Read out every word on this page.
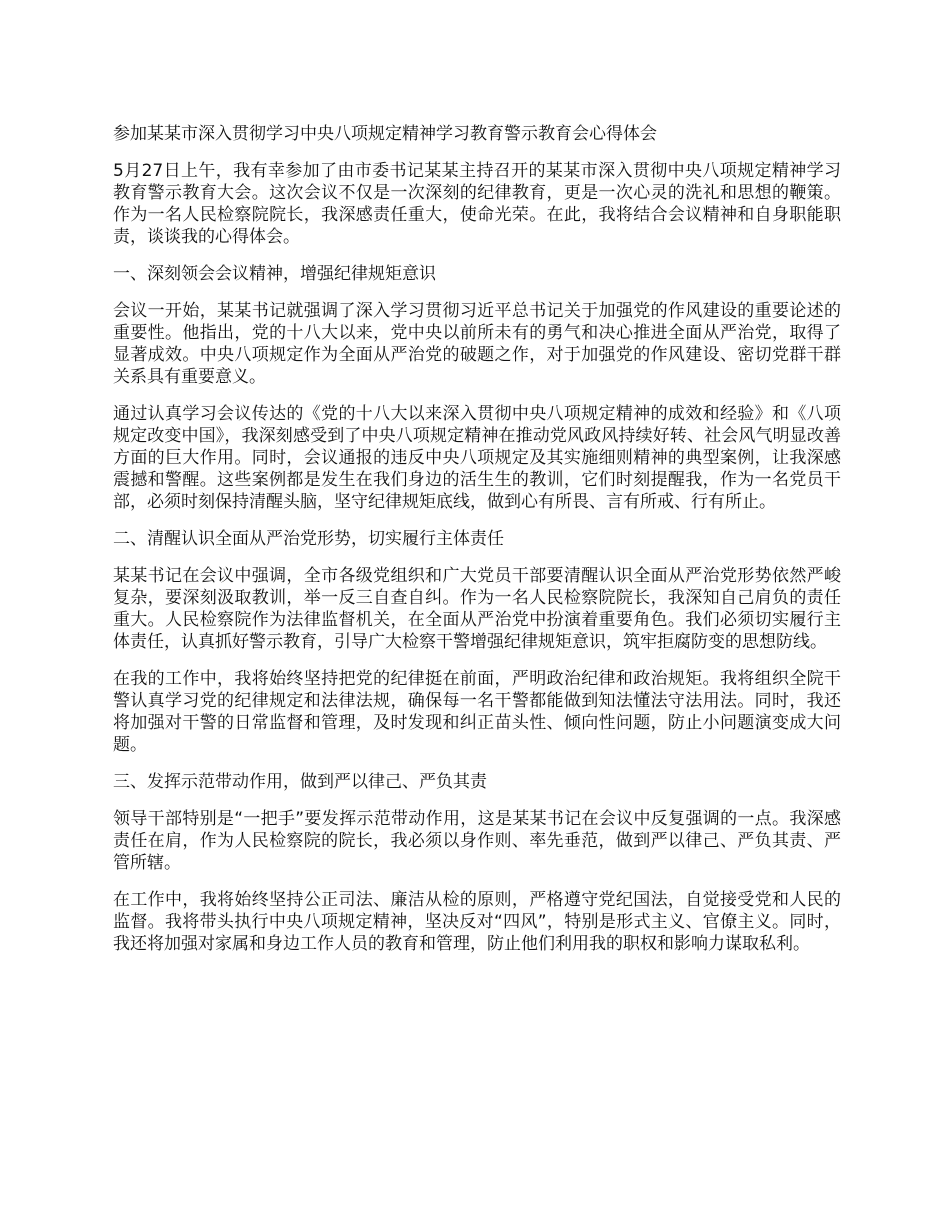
参加某某市深入贯彻学习中央八项规定精神学习教育警示教育会心得体会

5月27日上午，我有幸参加了由市委书记某某主持召开的某某市深入贯彻中央八项规定精神学习教育警示教育大会。这次会议不仅是一次深刻的纪律教育，更是一次心灵的洗礼和思想的鞭策。作为一名人民检察院院长，我深感责任重大，使命光荣。在此，我将结合会议精神和自身职能职责，谈谈我的心得体会。

一、深刻领会会议精神，增强纪律规矩意识

会议一开始，某某书记就强调了深入学习贯彻习近平总书记关于加强党的作风建设的重要论述的重要性。他指出，党的十八大以来，党中央以前所未有的勇气和决心推进全面从严治党，取得了显著成效。中央八项规定作为全面从严治党的破题之作，对于加强党的作风建设、密切党群干群关系具有重要意义。

通过认真学习会议传达的《党的十八大以来深入贯彻中央八项规定精神的成效和经验》和《八项规定改变中国》，我深刻感受到了中央八项规定精神在推动党风政风持续好转、社会风气明显改善方面的巨大作用。同时，会议通报的违反中央八项规定及其实施细则精神的典型案例，让我深感震撼和警醒。这些案例都是发生在我们身边的活生生的教训，它们时刻提醒我，作为一名党员干部，必须时刻保持清醒头脑，坚守纪律规矩底线，做到心有所畏、言有所戒、行有所止。

二、清醒认识全面从严治党形势，切实履行主体责任

某某书记在会议中强调，全市各级党组织和广大党员干部要清醒认识全面从严治党形势依然严峻复杂，要深刻汲取教训，举一反三自查自纠。作为一名人民检察院院长，我深知自己肩负的责任重大。人民检察院作为法律监督机关，在全面从严治党中扮演着重要角色。我们必须切实履行主体责任，认真抓好警示教育，引导广大检察干警增强纪律规矩意识，筑牢拒腐防变的思想防线。

在我的工作中，我将始终坚持把党的纪律挺在前面，严明政治纪律和政治规矩。我将组织全院干警认真学习党的纪律规定和法律法规，确保每一名干警都能做到知法懂法守法用法。同时，我还将加强对干警的日常监督和管理，及时发现和纠正苗头性、倾向性问题，防止小问题演变成大问题。

三、发挥示范带动作用，做到严以律己、严负其责

领导干部特别是“一把手”要发挥示范带动作用，这是某某书记在会议中反复强调的一点。我深感责任在肩，作为人民检察院的院长，我必须以身作则、率先垂范，做到严以律己、严负其责、严管所辖。

在工作中，我将始终坚持公正司法、廉洁从检的原则，严格遵守党纪国法，自觉接受党和人民的监督。我将带头执行中央八项规定精神，坚决反对“四风”，特别是形式主义、官僚主义。同时，我还将加强对家属和身边工作人员的教育和管理，防止他们利用我的职权和影响力谋取私利。
